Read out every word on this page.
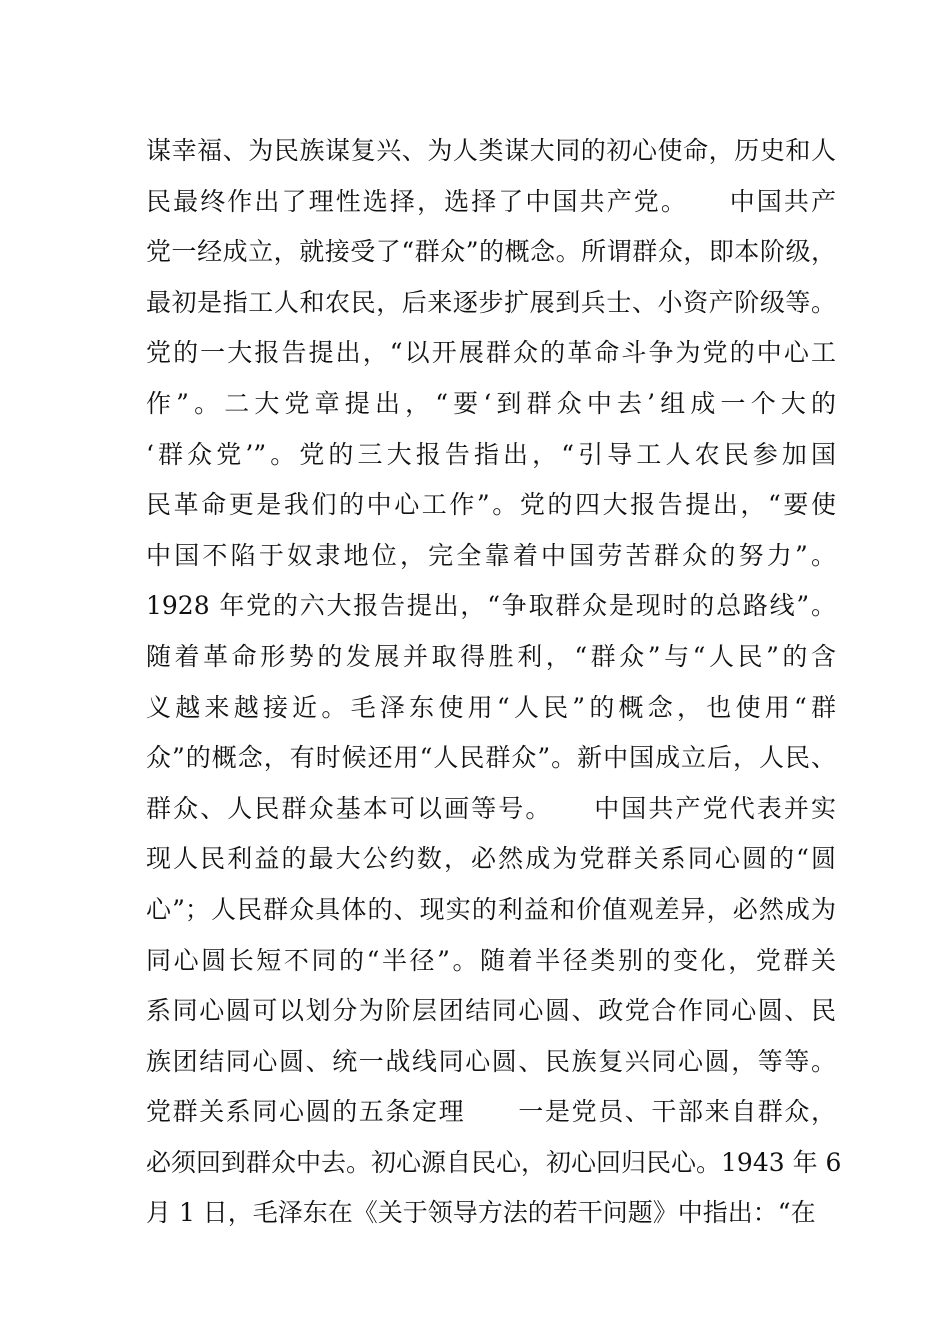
谋幸福、为民族谋复兴、为人类谋大同的初心使命，历史和人
民最终作出了理性选择，选择了中国共产党。　　中国共产
党一经成立，就接受了“群众”的概念。所谓群众，即本阶级，
最初是指工人和农民，后来逐步扩展到兵士、小资产阶级等。
党的一大报告提出，“以开展群众的革命斗争为党的中心工
作”。二大党章提出，“要‘到群众中去’组成一个大的
‘群众党’”。党的三大报告指出，“引导工人农民参加国
民革命更是我们的中心工作”。党的四大报告提出，“要使
中国不陷于奴隶地位，完全靠着中国劳苦群众的努力”。
1928 年党的六大报告提出，“争取群众是现时的总路线”。
随着革命形势的发展并取得胜利，“群众”与“人民”的含
义越来越接近。毛泽东使用“人民”的概念，也使用“群
众”的概念，有时候还用“人民群众”。新中国成立后，人民、
群众、人民群众基本可以画等号。　　中国共产党代表并实
现人民利益的最大公约数，必然成为党群关系同心圆的“圆
心”；人民群众具体的、现实的利益和价值观差异，必然成为
同心圆长短不同的“半径”。随着半径类别的变化，党群关
系同心圆可以划分为阶层团结同心圆、政党合作同心圆、民
族团结同心圆、统一战线同心圆、民族复兴同心圆，等等。
党群关系同心圆的五条定理　　一是党员、干部来自群众，
必须回到群众中去。初心源自民心，初心回归民心。1943 年 6
月 1 日，毛泽东在《关于领导方法的若干问题》中指出：“在
